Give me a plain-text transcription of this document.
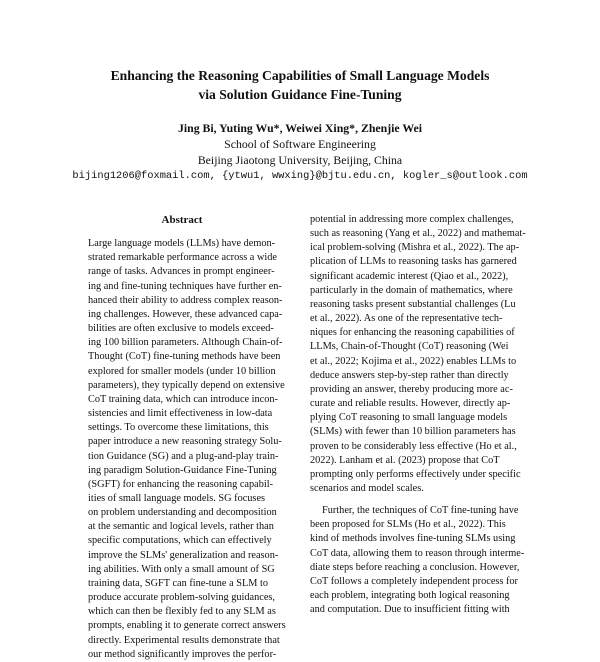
Enhancing the Reasoning Capabilities of Small Language Models
via Solution Guidance Fine-Tuning
Jing Bi, Yuting Wu*, Weiwei Xing*, Zhenjie Wei
School of Software Engineering
Beijing Jiaotong University, Beijing, China
bijing1206@foxmail.com, {ytwu1, wwxing}@bjtu.edu.cn, kogler_s@outlook.com
Abstract
Large language models (LLMs) have demon-
strated remarkable performance across a wide
range of tasks. Advances in prompt engineer-
ing and fine-tuning techniques have further en-
hanced their ability to address complex reason-
ing challenges. However, these advanced capa-
bilities are often exclusive to models exceed-
ing 100 billion parameters. Although Chain-of-
Thought (CoT) fine-tuning methods have been
explored for smaller models (under 10 billion
parameters), they typically depend on extensive
CoT training data, which can introduce incon-
sistencies and limit effectiveness in low-data
settings. To overcome these limitations, this
paper introduce a new reasoning strategy Solu-
tion Guidance (SG) and a plug-and-play train-
ing paradigm Solution-Guidance Fine-Tuning
(SGFT) for enhancing the reasoning capabil-
ities of small language models. SG focuses
on problem understanding and decomposition
at the semantic and logical levels, rather than
specific computations, which can effectively
improve the SLMs' generalization and reason-
ing abilities. With only a small amount of SG
training data, SGFT can fine-tune a SLM to
produce accurate problem-solving guidances,
which can then be flexibly fed to any SLM as
prompts, enabling it to generate correct answers
directly. Experimental results demonstrate that
our method significantly improves the perfor-
potential in addressing more complex challenges,
such as reasoning (Yang et al., 2022) and mathemat-
ical problem-solving (Mishra et al., 2022). The ap-
plication of LLMs to reasoning tasks has garnered
significant academic interest (Qiao et al., 2022),
particularly in the domain of mathematics, where
reasoning tasks present substantial challenges (Lu
et al., 2022). As one of the representative tech-
niques for enhancing the reasoning capabilities of
LLMs, Chain-of-Thought (CoT) reasoning (Wei
et al., 2022; Kojima et al., 2022) enables LLMs to
deduce answers step-by-step rather than directly
providing an answer, thereby producing more ac-
curate and reliable results. However, directly ap-
plying CoT reasoning to small language models
(SLMs) with fewer than 10 billion parameters has
proven to be considerably less effective (Ho et al.,
2022). Lanham et al. (2023) propose that CoT
prompting only performs effectively under specific
scenarios and model scales.
Further, the techniques of CoT fine-tuning have
been proposed for SLMs (Ho et al., 2022). This
kind of methods involves fine-tuning SLMs using
CoT data, allowing them to reason through interme-
diate steps before reaching a conclusion. However,
CoT follows a completely independent process for
each problem, integrating both logical reasoning
and computation. Due to insufficient fitting with
